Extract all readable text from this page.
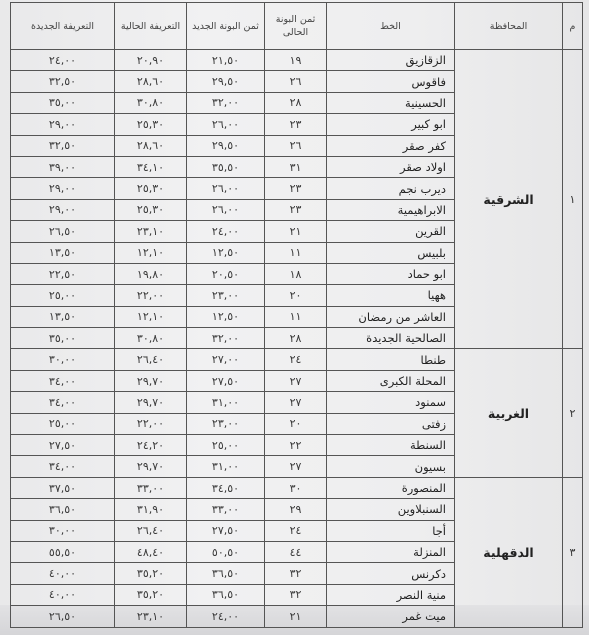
م	المحافظة	الخط	ثمن البونة الحالى	ثمن البونة الجديد	التعريفة الحالية	التعريفة الجديدة
١	الشرقية	الزقازيق	١٩	٢١,٥٠	٢٠,٩٠	٢٤,٠٠
		فاقوس	٢٦	٢٩,٥٠	٢٨,٦٠	٣٢,٥٠
		الحسينية	٢٨	٣٢,٠٠	٣٠,٨٠	٣٥,٠٠
		ابو كبير	٢٣	٢٦,٠٠	٢٥,٣٠	٢٩,٠٠
		كفر صقر	٢٦	٢٩,٥٠	٢٨,٦٠	٣٢,٥٠
		اولاد صقر	٣١	٣٥,٥٠	٣٤,١٠	٣٩,٠٠
		ديرب نجم	٢٣	٢٦,٠٠	٢٥,٣٠	٢٩,٠٠
		الابراهيمية	٢٣	٢٦,٠٠	٢٥,٣٠	٢٩,٠٠
		القرين	٢١	٢٤,٠٠	٢٣,١٠	٢٦,٥٠
		بلبيس	١١	١٢,٥٠	١٢,١٠	١٣,٥٠
		ابو حماد	١٨	٢٠,٥٠	١٩,٨٠	٢٢,٥٠
		ههيا	٢٠	٢٣,٠٠	٢٢,٠٠	٢٥,٠٠
		العاشر من رمضان	١١	١٢,٥٠	١٢,١٠	١٣,٥٠
		الصالحية الجديدة	٢٨	٣٢,٠٠	٣٠,٨٠	٣٥,٠٠
٢	الغربية	طنطا	٢٤	٢٧,٠٠	٢٦,٤٠	٣٠,٠٠
		المحلة الكبرى	٢٧	٢٧,٥٠	٢٩,٧٠	٣٤,٠٠
		سمنود	٢٧	٣١,٠٠	٢٩,٧٠	٣٤,٠٠
		زفتى	٢٠	٢٣,٠٠	٢٢,٠٠	٢٥,٠٠
		السنطة	٢٢	٢٥,٠٠	٢٤,٢٠	٢٧,٥٠
		بسيون	٢٧	٣١,٠٠	٢٩,٧٠	٣٤,٠٠
٣	الدقهلية	المنصورة	٣٠	٣٤,٥٠	٣٣,٠٠	٣٧,٥٠
		السنبلاوين	٢٩	٣٣,٠٠	٣١,٩٠	٣٦,٥٠
		أجا	٢٤	٢٧,٥٠	٢٦,٤٠	٣٠,٠٠
		المنزلة	٤٤	٥٠,٥٠	٤٨,٤٠	٥٥,٥٠
		دكرنس	٣٢	٣٦,٥٠	٣٥,٢٠	٤٠,٠٠
		منية النصر	٣٢	٣٦,٥٠	٣٥,٢٠	٤٠,٠٠
		ميت غمر	٢١	٢٤,٠٠	٢٣,١٠	٢٦,٥٠
